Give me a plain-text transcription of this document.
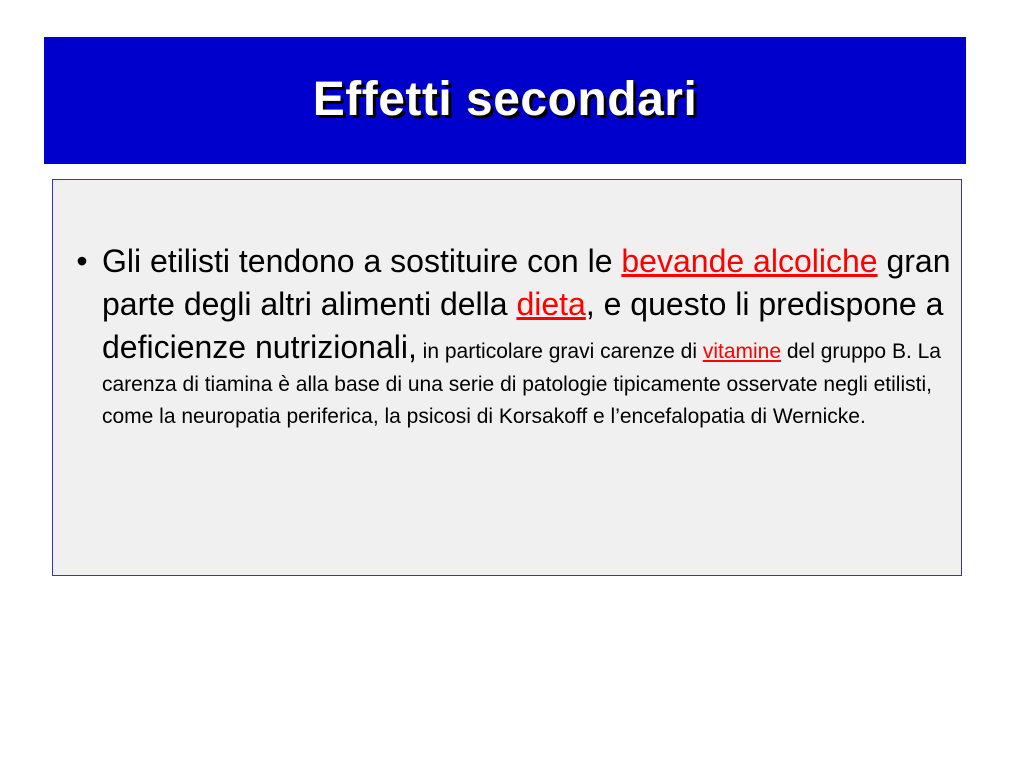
Effetti secondari
• Gli etilisti tendono a sostituire con le bevande alcoliche gran parte degli altri alimenti della dieta, e questo li predispone a deficienze nutrizionali, in particolare gravi carenze di vitamine del gruppo B. La carenza di tiamina è alla base di una serie di patologie tipicamente osservate negli etilisti, come la neuropatia periferica, la psicosi di Korsakoff e l’encefalopatia di Wernicke.
